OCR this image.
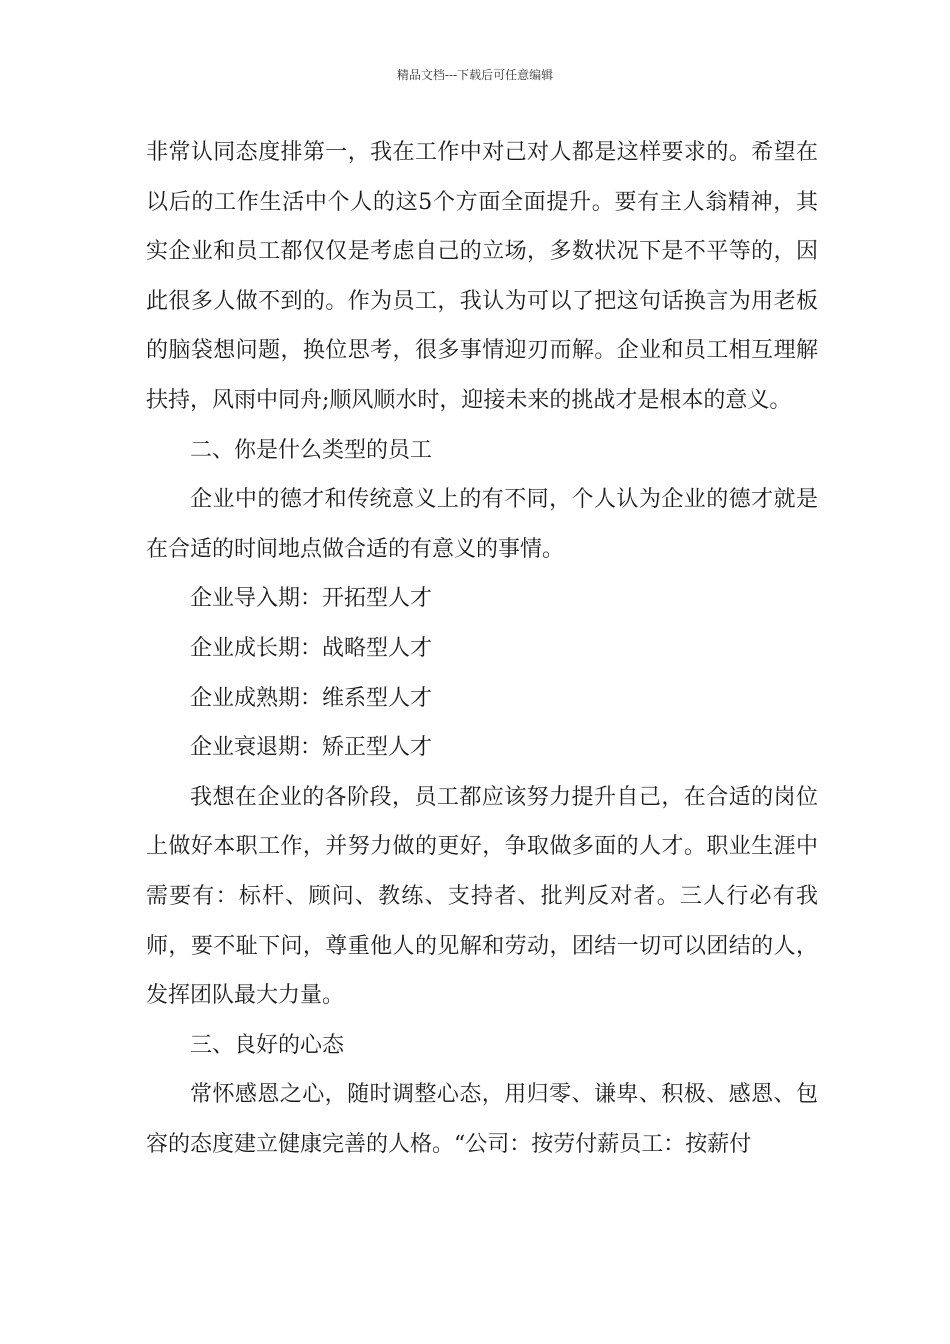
精品文档---下载后可任意编辑

非常认同态度排第一，我在工作中对己对人都是这样要求的。希望在以后的工作生活中个人的这5个方面全面提升。要有主人翁精神，其实企业和员工都仅仅是考虑自己的立场，多数状况下是不平等的，因此很多人做不到的。作为员工，我认为可以了把这句话换言为用老板的脑袋想问题，换位思考，很多事情迎刃而解。企业和员工相互理解扶持，风雨中同舟;顺风顺水时，迎接未来的挑战才是根本的意义。

二、你是什么类型的员工

企业中的德才和传统意义上的有不同，个人认为企业的德才就是在合适的时间地点做合适的有意义的事情。

企业导入期：开拓型人才

企业成长期：战略型人才

企业成熟期：维系型人才

企业衰退期：矫正型人才

我想在企业的各阶段，员工都应该努力提升自己，在合适的岗位上做好本职工作，并努力做的更好，争取做多面的人才。职业生涯中需要有：标杆、顾问、教练、支持者、批判反对者。三人行必有我师，要不耻下问，尊重他人的见解和劳动，团结一切可以团结的人，发挥团队最大力量。

三、良好的心态

常怀感恩之心，随时调整心态，用归零、谦卑、积极、感恩、包容的态度建立健康完善的人格。“公司：按劳付薪员工：按薪付
